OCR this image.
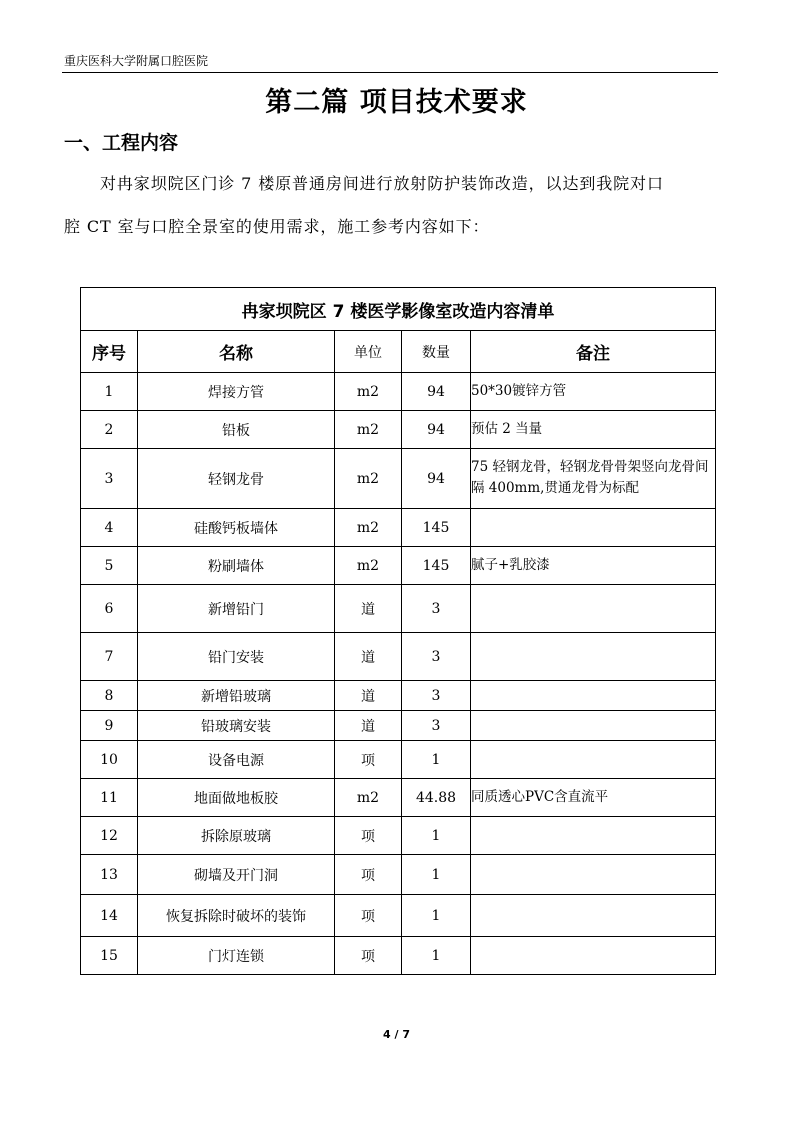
重庆医科大学附属口腔医院
第二篇 项目技术要求
一、工程内容
对冉家坝院区门诊 7 楼原普通房间进行放射防护装饰改造，以达到我院对口
腔 CT 室与口腔全景室的使用需求，施工参考内容如下：
冉家坝院区 7 楼医学影像室改造内容清单				
序号	名称	单位	数量	备注
1	焊接方管	m2	94	50*30镀锌方管
2	铅板	m2	94	预估 2 当量
3	轻钢龙骨	m2	94	75 轻钢龙骨，轻钢龙骨骨架竖向龙骨间隔 400mm,贯通龙骨为标配
4	硅酸钙板墙体	m2	145	
5	粉刷墙体	m2	145	腻子+乳胶漆
6	新增铅门	道	3	
7	铅门安装	道	3	
8	新增铅玻璃	道	3	
9	铅玻璃安装	道	3	
10	设备电源	项	1	
11	地面做地板胶	m2	44.88	同质透心PVC含直流平
12	拆除原玻璃	项	1	
13	砌墙及开门洞	项	1	
14	恢复拆除时破坏的装饰	项	1	
15	门灯连锁	项	1	
4 / 7
